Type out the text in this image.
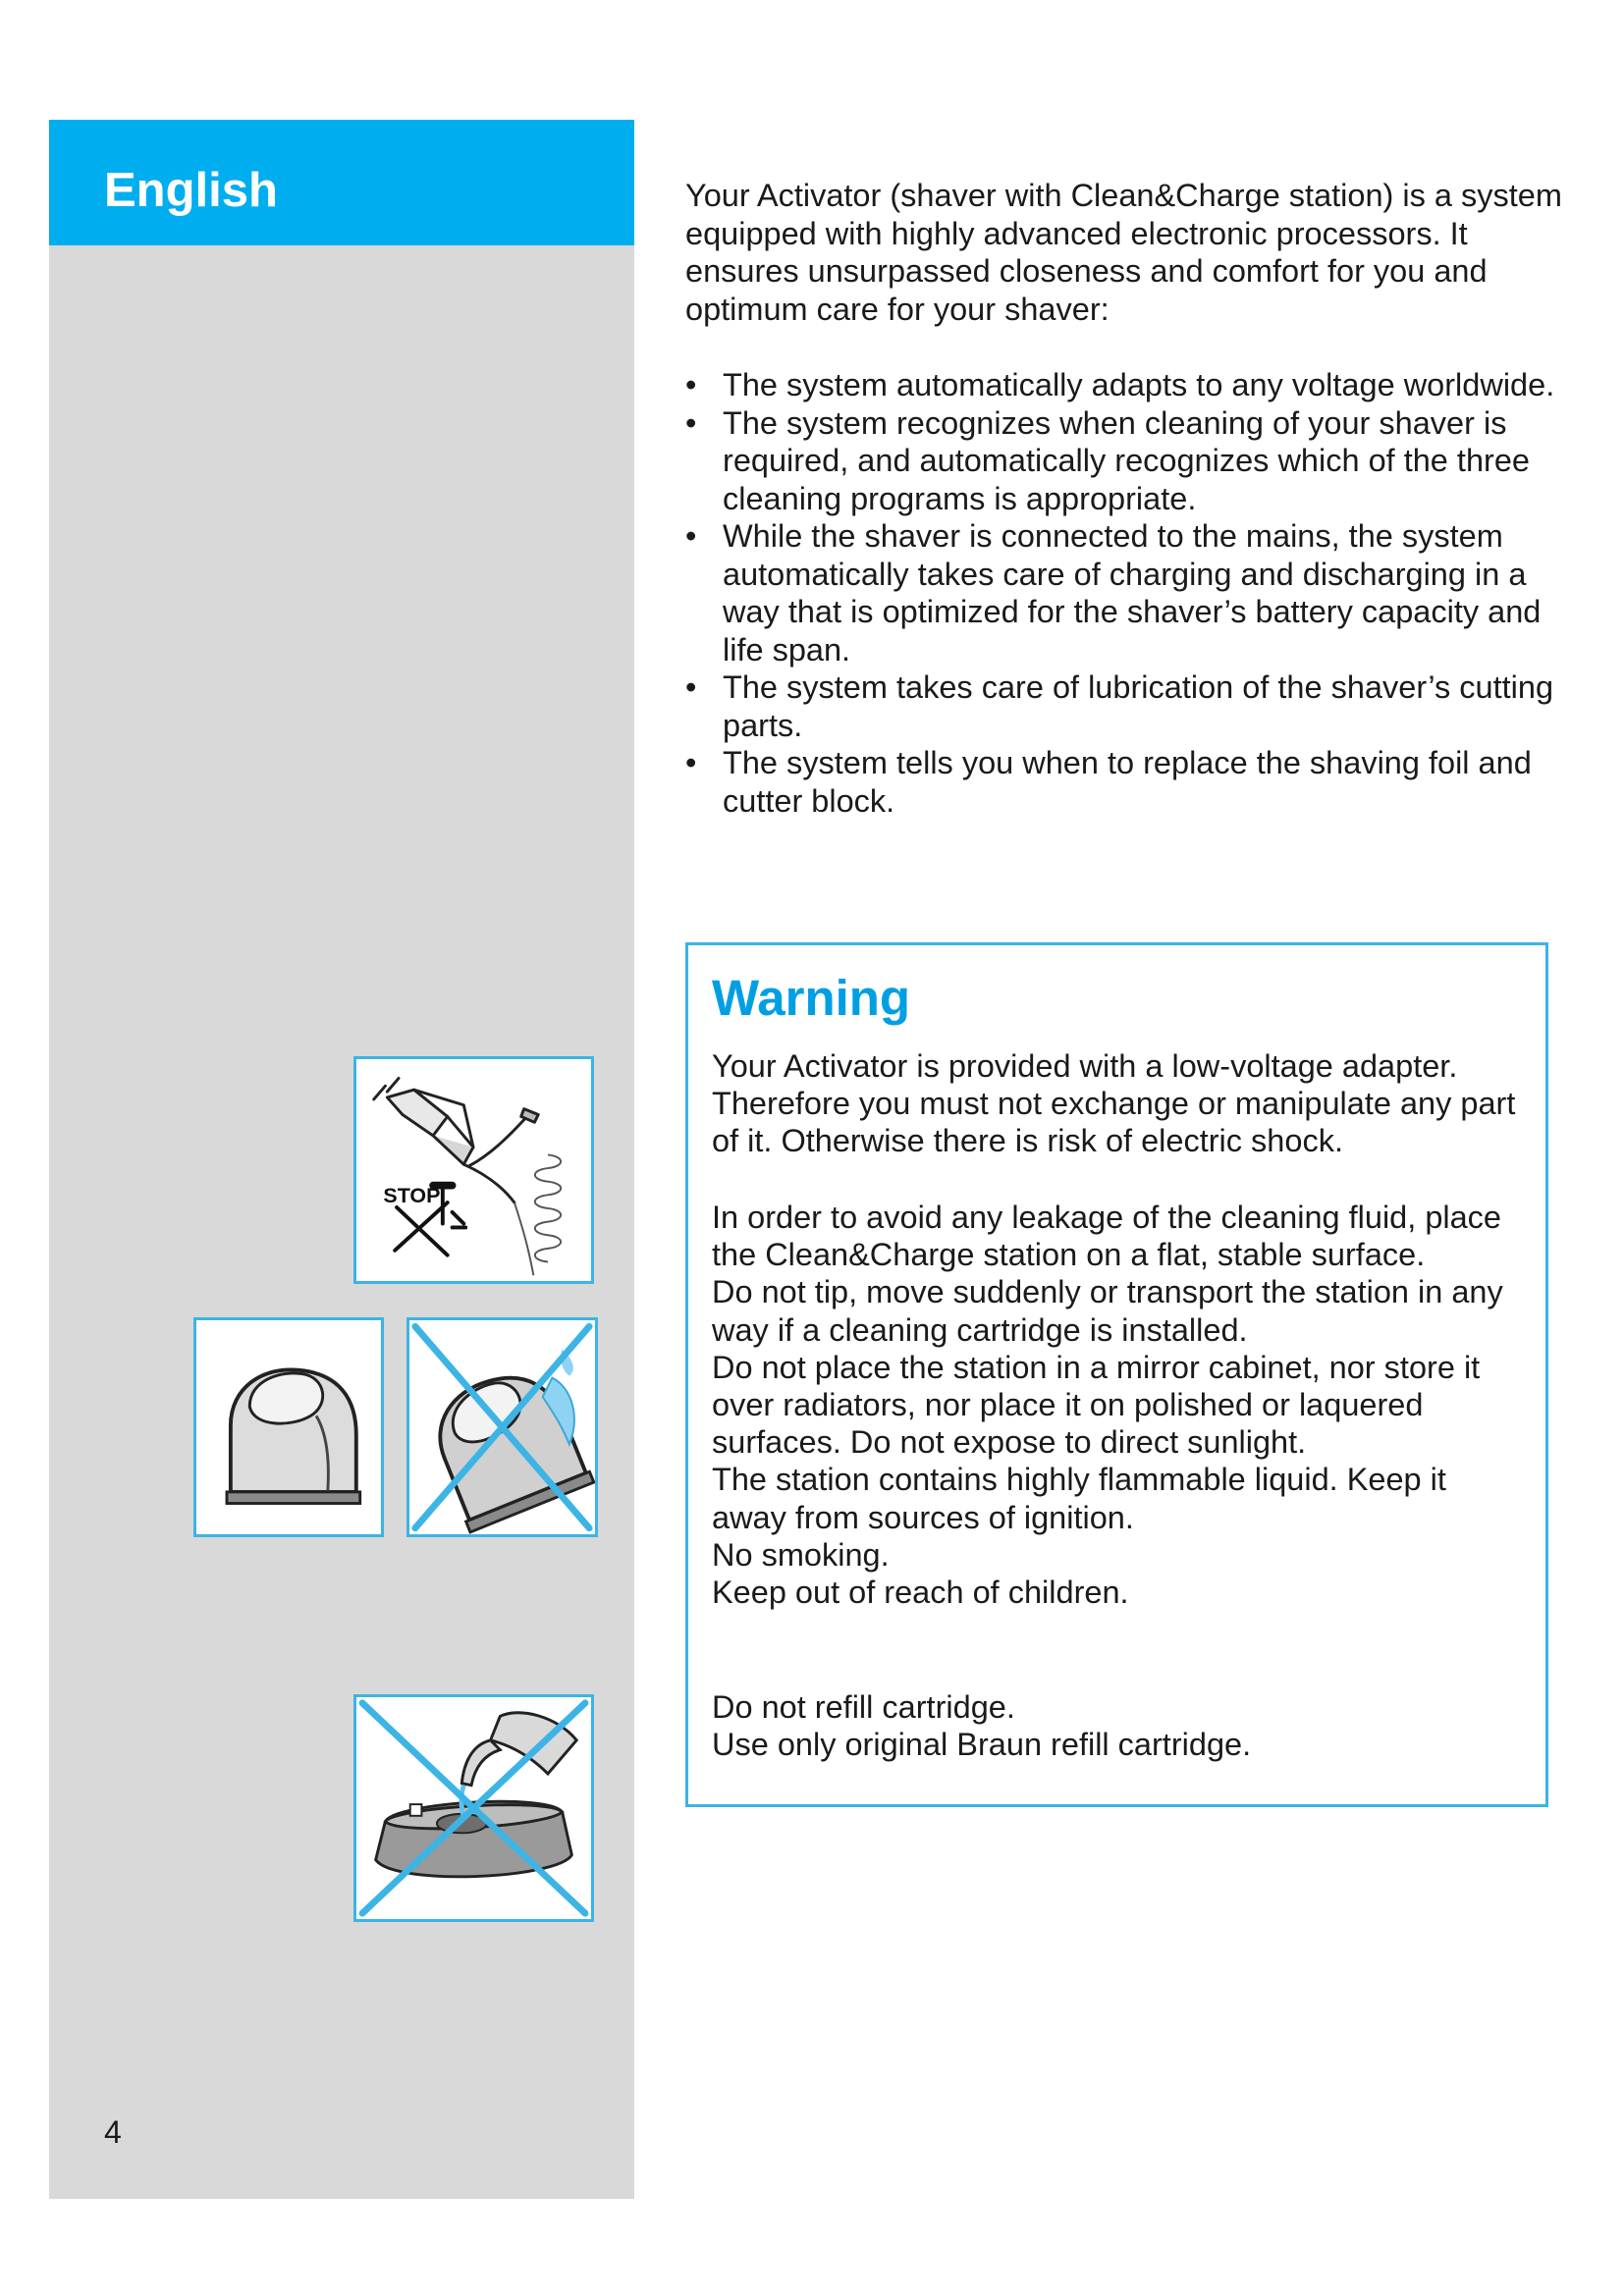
English
STOP
4

Your Activator (shaver with Clean&Charge station) is a system equipped with highly advanced electronic processors. It ensures unsurpassed closeness and comfort for you and optimum care for your shaver:

• The system automatically adapts to any voltage worldwide.
• The system recognizes when cleaning of your shaver is required, and automatically recognizes which of the three cleaning programs is appropriate.
• While the shaver is connected to the mains, the system automatically takes care of charging and discharging in a way that is optimized for the shaver’s battery capacity and life span.
• The system takes care of lubrication of the shaver’s cutting parts.
• The system tells you when to replace the shaving foil and cutter block.
Warning

Your Activator is provided with a low-voltage adapter. Therefore you must not exchange or manipulate any part of it. Otherwise there is risk of electric shock.

In order to avoid any leakage of the cleaning fluid, place the Clean&Charge station on a flat, stable surface.
Do not tip, move suddenly or transport the station in any way if a cleaning cartridge is installed.
Do not place the station in a mirror cabinet, nor store it over radiators, nor place it on polished or laquered surfaces. Do not expose to direct sunlight.
The station contains highly flammable liquid. Keep it away from sources of ignition.
No smoking.
Keep out of reach of children.

Do not refill cartridge.
Use only original Braun refill cartridge.
